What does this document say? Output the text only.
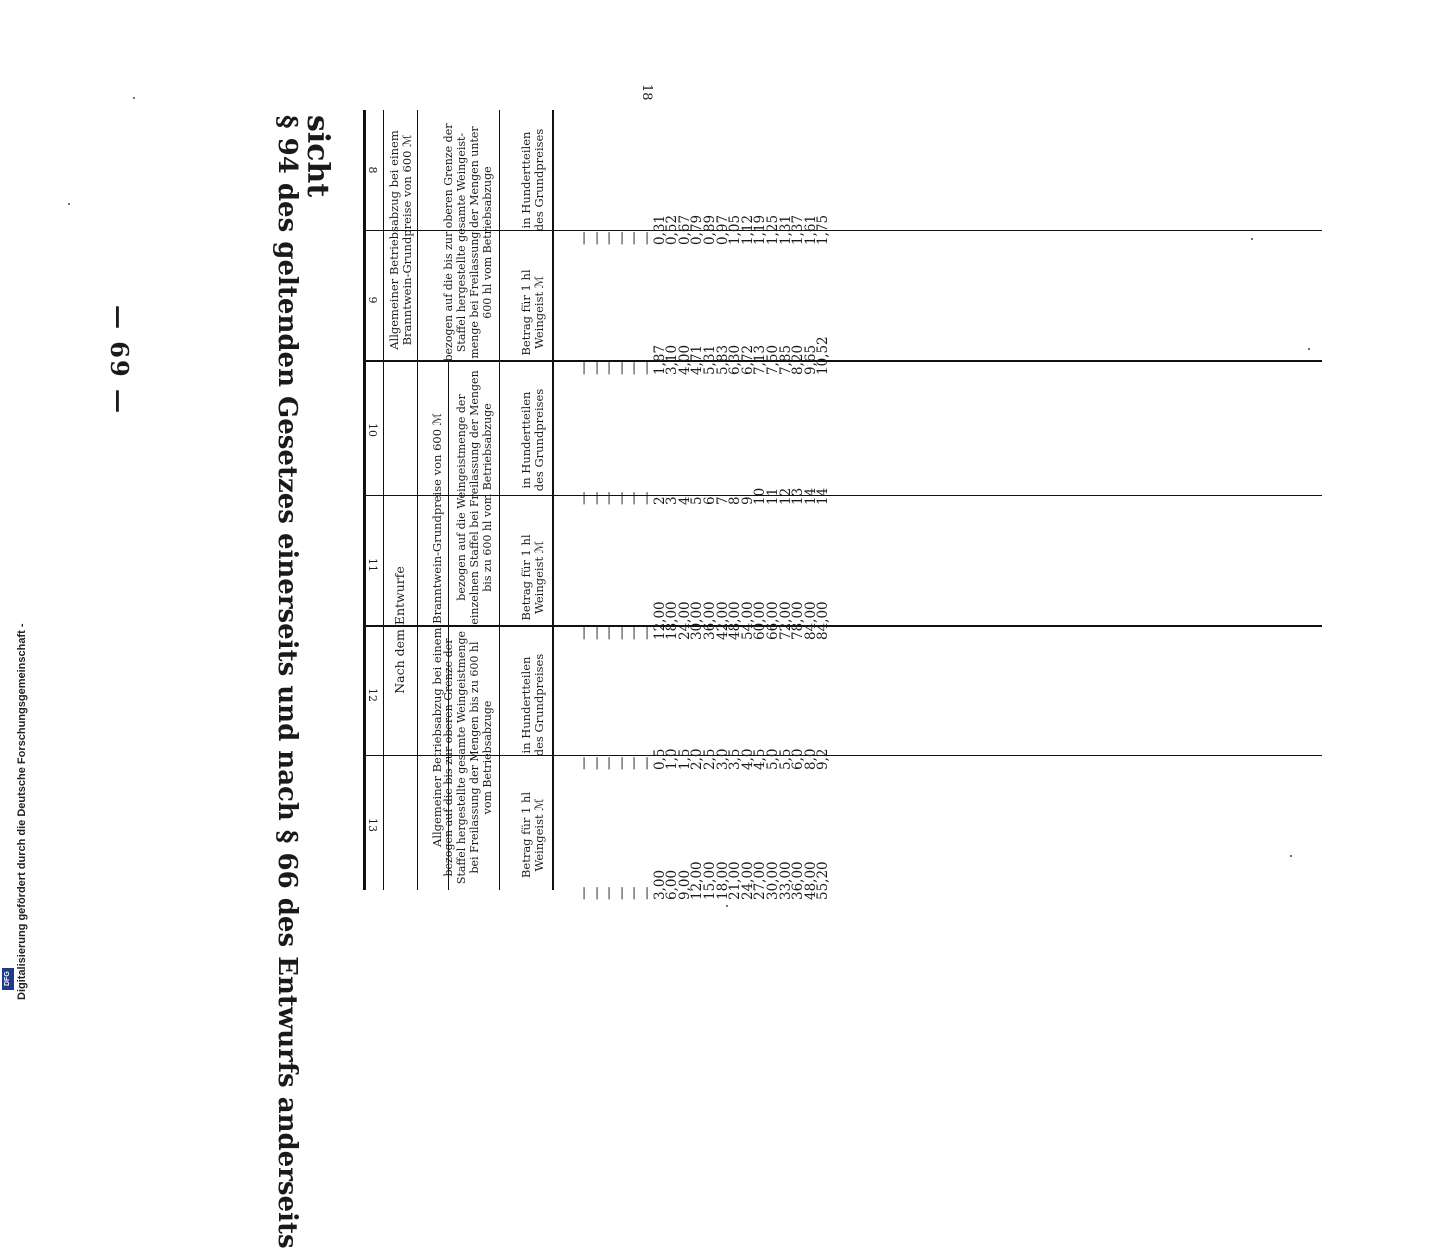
— 69 —
sicht
§ 94 des geltenden Gesetzes einerseits und nach § 66 des Entwurfs anderseits	8
9
10
11
12
13
Allgemeiner Betriebsabzug bei einem Branntwein-Grundpreise von 600 ℳ
Nach dem Entwurfe Allgemeiner Betriebsabzug bei einem Branntwein-Grundpreise von 600 ℳ
bezogen auf die bis zur oberen Grenze der Staffel hergestellte gesamte Weingeist-menge bei Freilassung der Mengen unter 600 hl vom Betriebsabzuge
bezogen auf die Weingeistmenge der einzelnen Staffel bei Freilassung der Mengen bis zu 600 hl vom Betriebsabzuge
bezogen auf die bis zur oberen Grenze der Staffel hergestellte gesamte Weingeistmenge bei Freilassung der Mengen bis zu 600 hl vom Betriebsabzuge
in Hundertteilen des Grundpreises
Betrag für 1 hl Weingeist ℳ
in Hundertteilen des Grundpreises
Betrag für 1 hl Weingeist ℳ
in Hundertteilen des Grundpreises
Betrag für 1 hl Weingeist ℳ
—
—
—
—
—
—
—
—
—
—
—
—
—
—
—
—
—
—
—
—
—
—
—
—
—
—
—
—
—
—
—
—
—
—
—
—
0,31
1,87
2
12,00
0,5
3,00
0,52
3,10
3
18,00
1,0
6,00
0,67
4,00
4
24,00
1,5
9,00
0,79
4,71
5
30,00
2,0
12,00
0,89
5,31
6
36,00
2,5
15,00
0,97
5,83
7
42,00
3,0
18,00
1,05
6,30
8
48,00
3,5
21,00
1,12
6,72
9
54,00
4,0
24,00
1,19
7,13
10
60,00
4,5
27,00
1,25
7,50
11
66,00
5,0
30,00
1,31
7,85
12
72,00
5,5
33,00
1,37
8,20
13
78,00
6,0
36,00
1,61
9,65
14
84,00
8,0
48,00
1,75
10,52
14
84,00
9,2
55,20
18
Digitalisierung gefördert durch die Deutsche Forschungsgemeinschaft -
DFG
